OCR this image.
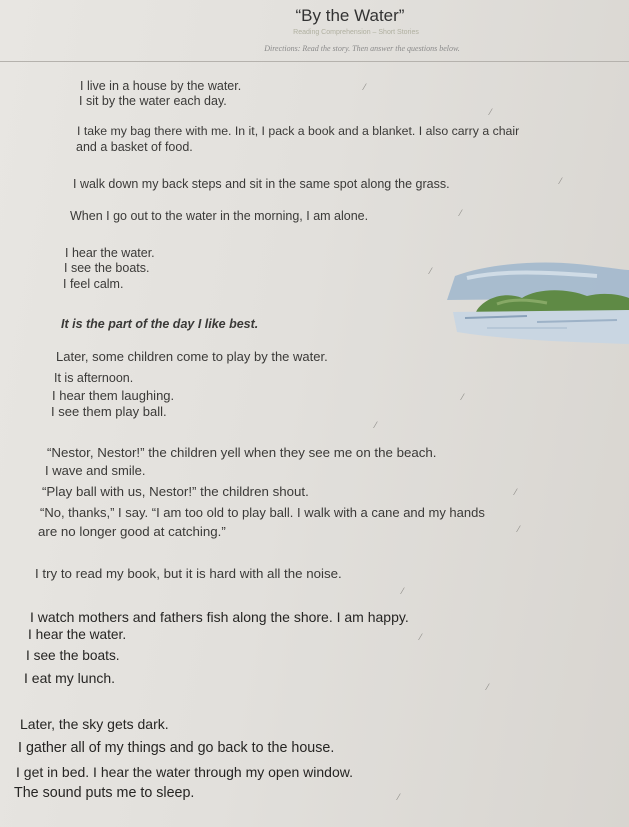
“By the Water”

Reading Comprehension – Short Stories

Directions: Read the story. Then answer the questions below.

I live in a house by the water.

I sit by the water each day.

I take my bag there with me. In it, I pack a book and a blanket. I also carry a chair

and a basket of food.

I walk down my back steps and sit in the same spot along the grass.

When I go out to the water in the morning, I am alone.

I hear the water.

I see the boats.

I feel calm.

It is the part of the day I like best.

Later, some children come to play by the water.

It is afternoon.

I hear them laughing.

I see them play ball.

“Nestor, Nestor!” the children yell when they see me on the beach.

I wave and smile.

“Play ball with us, Nestor!” the children shout.

“No, thanks,” I say. “I am too old to play ball. I walk with a cane and my hands

are no longer good at catching.”

I try to read my book, but it is hard with all the noise.

I watch mothers and fathers fish along the shore. I am happy.

I hear the water.

I see the boats.

I eat my lunch.

Later, the sky gets dark.

I gather all of my things and go back to the house.

I get in bed. I hear the water through my open window.

The sound puts me to sleep.

⁄
⁄
⁄
⁄
⁄
⁄
⁄
⁄
⁄
⁄
⁄
⁄
⁄
